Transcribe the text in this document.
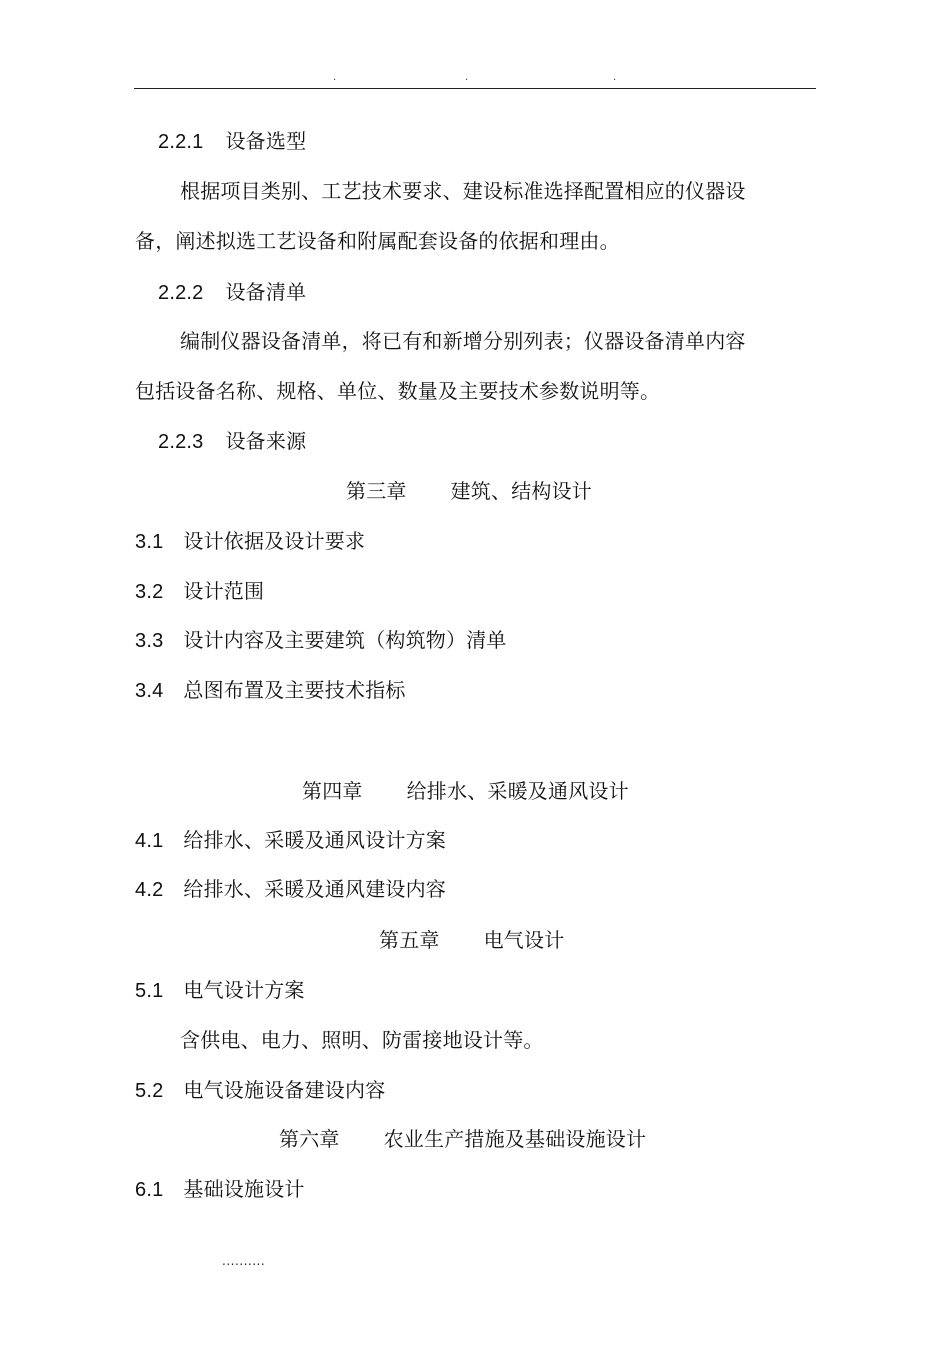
.	.	.
2.2.1 设备选型
根据项目类别、工艺技术要求、建设标准选择配置相应的仪器设
备，阐述拟选工艺设备和附属配套设备的依据和理由。
2.2.2 设备清单
编制仪器设备清单，将已有和新增分别列表；仪器设备清单内容
包括设备名称、规格、单位、数量及主要技术参数说明等。
2.2.3 设备来源
第三章 建筑、结构设计
3.1 设计依据及设计要求
3.2 设计范围
3.3 设计内容及主要建筑（构筑物）清单
3.4 总图布置及主要技术指标
第四章 给排水、采暖及通风设计
4.1 给排水、采暖及通风设计方案
4.2 给排水、采暖及通风建设内容
第五章 电气设计
5.1 电气设计方案
含供电、电力、照明、防雷接地设计等。
5.2 电气设施设备建设内容
第六章 农业生产措施及基础设施设计
6.1 基础设施设计
..........
